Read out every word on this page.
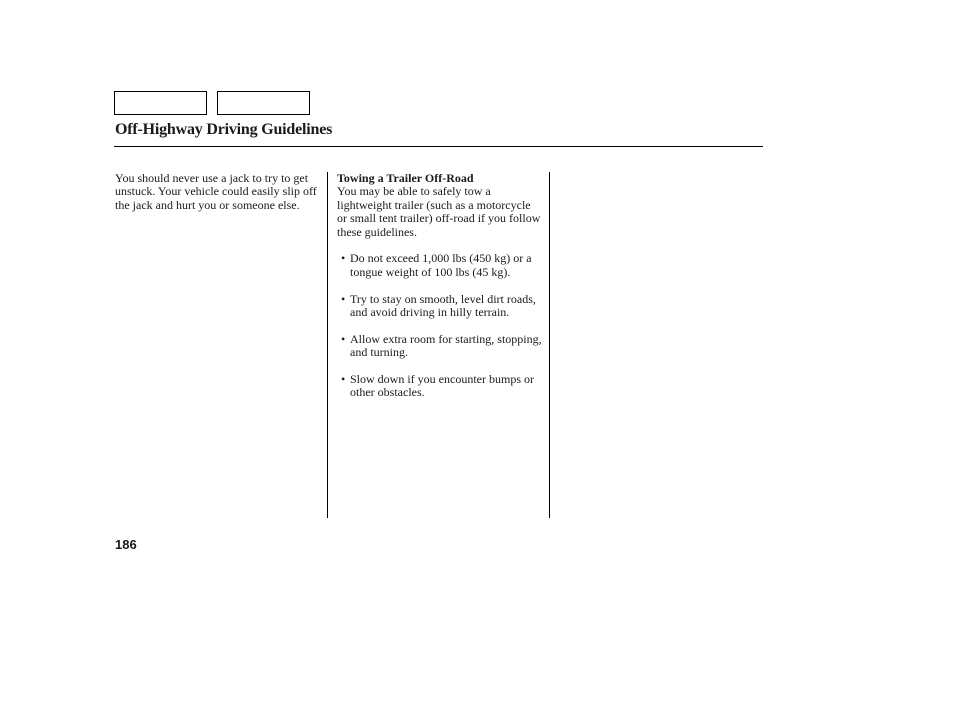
Off-Highway Driving Guidelines

You should never use a jack to try to get unstuck. Your vehicle could easily slip off the jack and hurt you or someone else.

Towing a Trailer Off-Road

You may be able to safely tow a lightweight trailer (such as a motorcycle or small tent trailer) off-road if you follow these guidelines.

• Do not exceed 1,000 lbs (450 kg) or a tongue weight of 100 lbs (45 kg).
• Try to stay on smooth, level dirt roads, and avoid driving in hilly terrain.
• Allow extra room for starting, stopping, and turning.
• Slow down if you encounter bumps or other obstacles.
186
